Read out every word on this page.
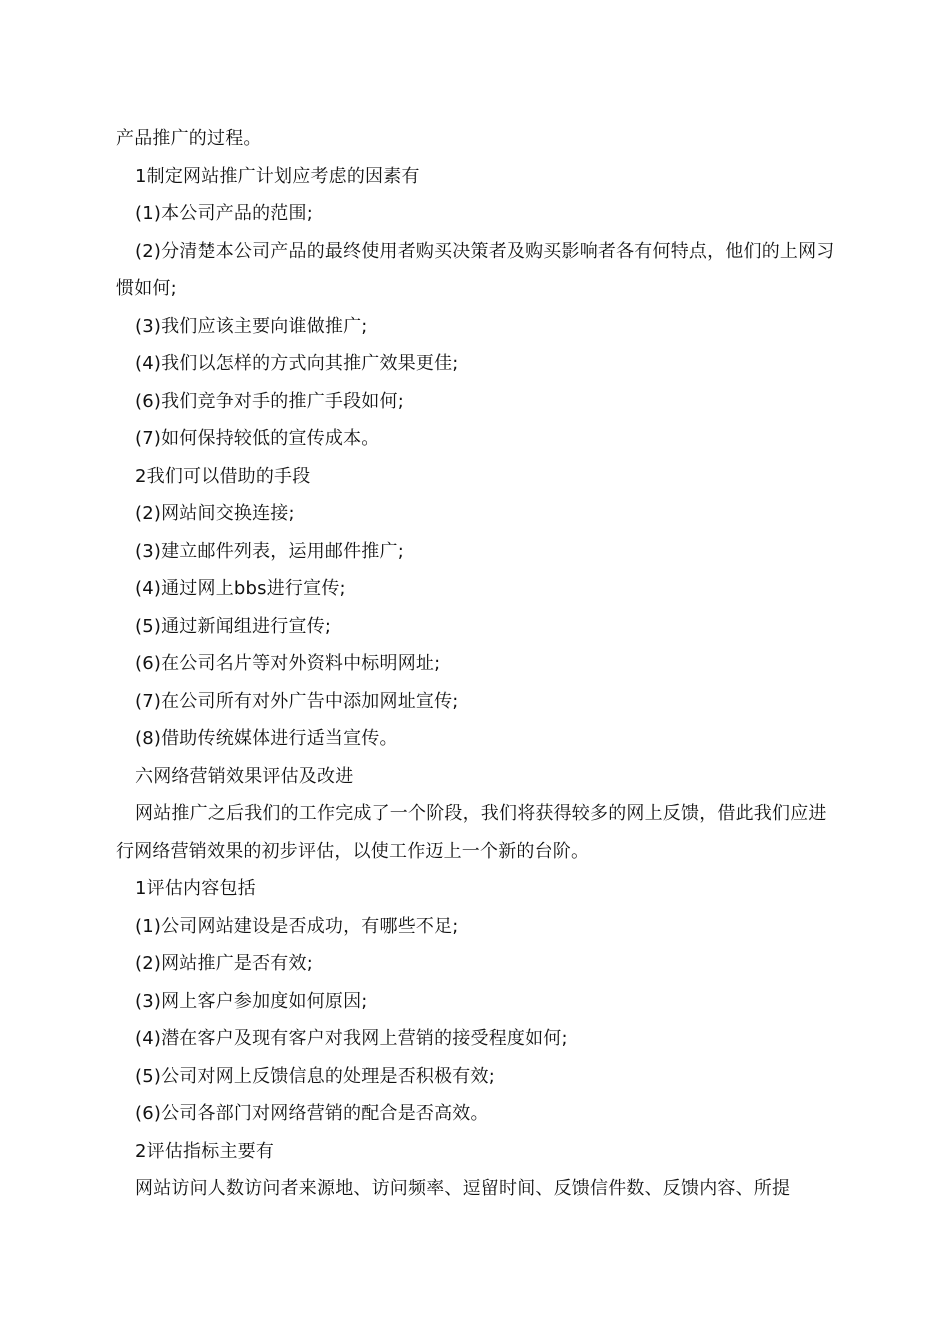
产品推广的过程。

1制定网站推广计划应考虑的因素有

(1)本公司产品的范围;

(2)分清楚本公司产品的最终使用者购买决策者及购买影响者各有何特点，他们的上网习惯如何;

(3)我们应该主要向谁做推广;

(4)我们以怎样的方式向其推广效果更佳;

(6)我们竞争对手的推广手段如何;

(7)如何保持较低的宣传成本。

2我们可以借助的手段

(2)网站间交换连接;

(3)建立邮件列表，运用邮件推广;

(4)通过网上bbs进行宣传;

(5)通过新闻组进行宣传;

(6)在公司名片等对外资料中标明网址;

(7)在公司所有对外广告中添加网址宣传;

(8)借助传统媒体进行适当宣传。

六网络营销效果评估及改进

网站推广之后我们的工作完成了一个阶段，我们将获得较多的网上反馈，借此我们应进行网络营销效果的初步评估，以使工作迈上一个新的台阶。

1评估内容包括

(1)公司网站建设是否成功，有哪些不足;

(2)网站推广是否有效;

(3)网上客户参加度如何原因;

(4)潜在客户及现有客户对我网上营销的接受程度如何;

(5)公司对网上反馈信息的处理是否积极有效;

(6)公司各部门对网络营销的配合是否高效。

2评估指标主要有

网站访问人数访问者来源地、访问频率、逗留时间、反馈信件数、反馈内容、所提
